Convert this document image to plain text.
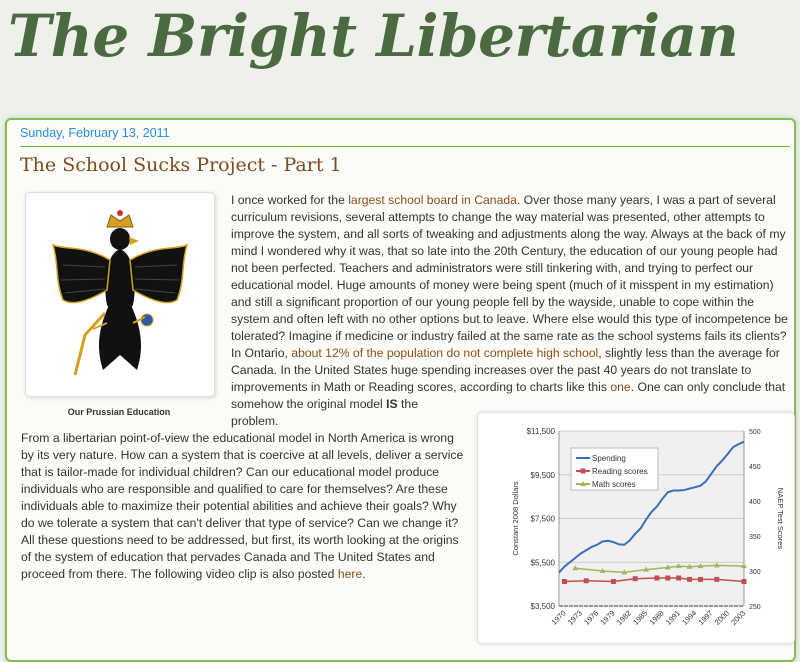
The Bright Libertarian
Sunday, February 13, 2011
The School Sucks Project - Part 1
Our Prussian Education
$3,500
$5,500
$7,500
$9,500
$11,500
250
300
350
400
450
500
1970
1973
1976
1979
1982
1985
1988
1991
1994
1997
2000
2003
Constant 2008 Dollars	NAEP Test Scores
Spending
Reading scores
Math scores

I once worked for the largest school board in Canada. Over those many years, I was a part of several curriculum revisions, several attempts to change the way material was presented, other attempts to improve the system, and all sorts of tweaking and adjustments along the way. Always at the back of my mind I wondered why it was, that so late into the 20th Century, the education of our young people had not been perfected. Teachers and administrators were still tinkering with, and trying to perfect our educational model. Huge amounts of money were being spent (much of it misspent in my estimation) and still a significant proportion of our young people fell by the wayside, unable to cope within the system and often left with no other options but to leave. Where else would this type of incompetence be tolerated? Imagine if medicine or industry failed at the same rate as the school systems fails its clients? In Ontario, about 12% of the population do not complete high school, slightly less than the average for Canada. In the United States huge spending increases over the past 40 years do not translate to improvements in Math or Reading scores, according to charts like this one. One can only conclude that somehow the original model IS the problem.

From a libertarian point-of-view the educational model in North America is wrong by its very nature. How can a system that is coercive at all levels, deliver a service that is tailor-made for individual children? Can our educational model produce individuals who are responsible and qualified to care for themselves? Are these individuals able to maximize their potential abilities and achieve their goals? Why do we tolerate a system that can't deliver that type of service? Can we change it?

All these questions need to be addressed, but first, its worth looking at the origins of the system of education that pervades Canada and The United States and proceed from there. The following video clip is also posted here.
